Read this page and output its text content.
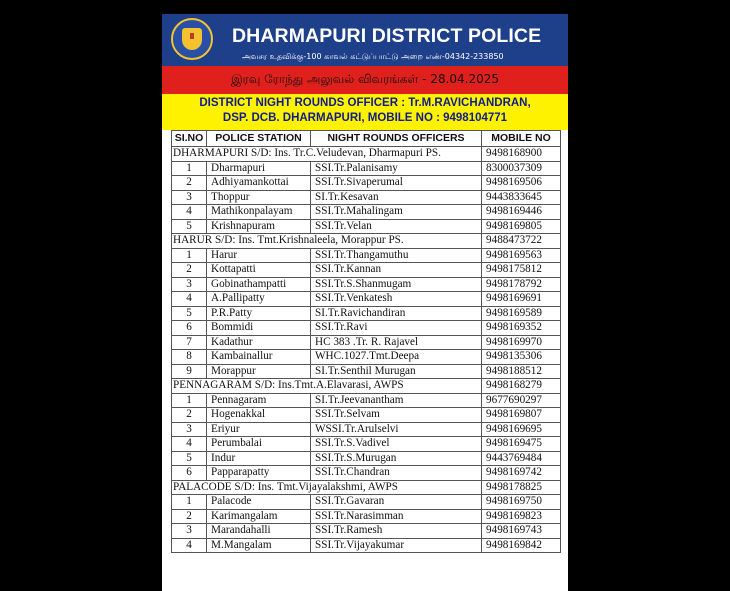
DHARMAPURI DISTRICT POLICE
அவசர உதவிக்கு-100 காவல் கட்டுப்பாட்டு அறை எண்-04342-233850
இரவு ரோந்து அலுவல் விவரங்கள் - 28.04.2025
DISTRICT NIGHT ROUNDS OFFICER : Tr.M.RAVICHANDRAN,
DSP. DCB. DHARMAPURI, MOBILE NO : 9498104771
SI.NO	POLICE STATION	NIGHT ROUNDS OFFICERS	MOBILE NO
DHARMAPURI S/D: Ins. Tr.C.Veludevan, Dharmapuri PS.			9498168900
1	Dharmapuri	SSI.Tr.Palanisamy	8300037309
2	Adhiyamankottai	SSI.Tr.Sivaperumal	9498169506
3	Thoppur	SI.Tr.Kesavan	9443833645
4	Mathikonpalayam	SSI.Tr.Mahalingam	9498169446
5	Krishnapuram	SSI.Tr.Velan	9498169805
HARUR S/D: Ins. Tmt.Krishnaleela, Morappur PS.			9488473722
1	Harur	SSI.Tr.Thangamuthu	9498169563
2	Kottapatti	SSI.Tr.Kannan	9498175812
3	Gobinathampatti	SSI.Tr.S.Shanmugam	9498178792
4	A.Pallipatty	SSI.Tr.Venkatesh	9498169691
5	P.R.Patty	SI.Tr.Ravichandiran	9498169589
6	Bommidi	SSI.Tr.Ravi	9498169352
7	Kadathur	HC 383 .Tr. R. Rajavel	9498169970
8	Kambainallur	WHC.1027.Tmt.Deepa	9498135306
9	Morappur	SI.Tr.Senthil Murugan	9498188512
PENNAGARAM S/D: Ins.Tmt.A.Elavarasi, AWPS			9498168279
1	Pennagaram	SI.Tr.Jeevanantham	9677690297
2	Hogenakkal	SSI.Tr.Selvam	9498169807
3	Eriyur	WSSI.Tr.Arulselvi	9498169695
4	Perumbalai	SSI.Tr.S.Vadivel	9498169475
5	Indur	SSI.Tr.S.Murugan	9443769484
6	Papparapatty	SSI.Tr.Chandran	9498169742
PALACODE S/D: Ins. Tmt.Vijayalakshmi, AWPS			9498178825
1	Palacode	SSI.Tr.Gavaran	9498169750
2	Karimangalam	SSI.Tr.Narasimman	9498169823
3	Marandahalli	SSI.Tr.Ramesh	9498169743
4	M.Mangalam	SSI.Tr.Vijayakumar	9498169842
